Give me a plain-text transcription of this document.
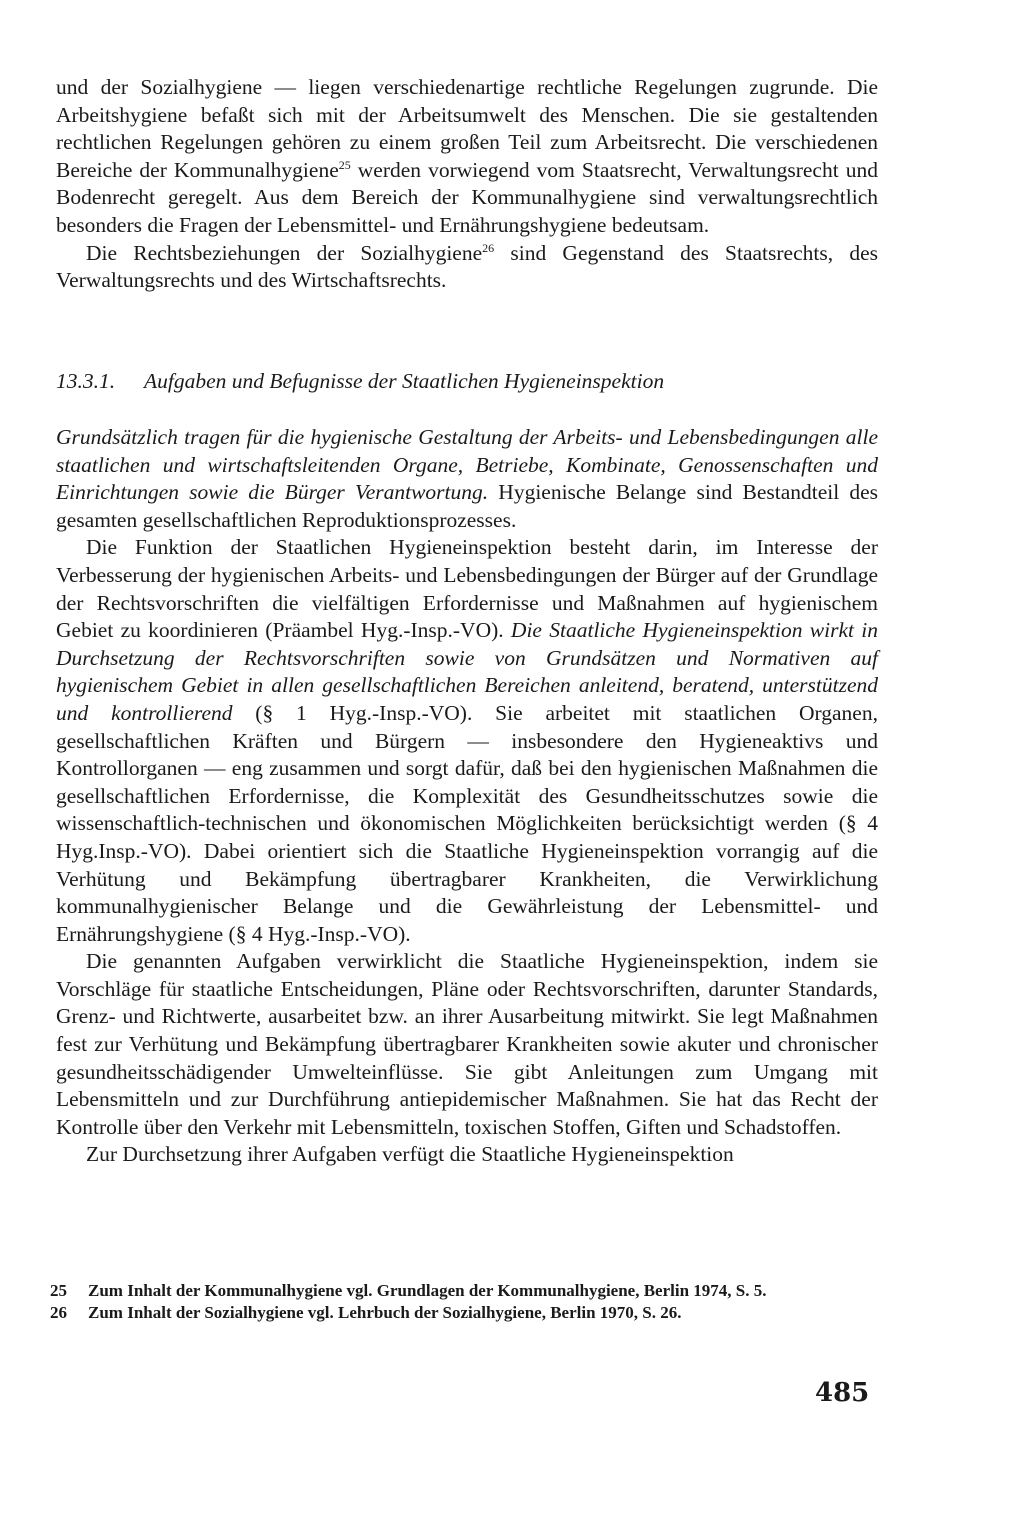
und der Sozialhygiene — liegen verschiedenartige rechtliche Regelungen zugrunde. Die Arbeitshygiene befaßt sich mit der Arbeitsumwelt des Menschen. Die sie gestaltenden rechtlichen Regelungen gehören zu einem großen Teil zum Arbeitsrecht. Die verschiedenen Bereiche der Kommunalhygiene$^{25}$ werden vorwiegend vom Staatsrecht, Verwaltungsrecht und Bodenrecht geregelt. Aus dem Bereich der Kommunalhygiene sind verwaltungsrechtlich besonders die Fragen der Lebensmittel- und Ernährungshygiene bedeutsam.

Die Rechtsbeziehungen der Sozialhygiene$^{26}$ sind Gegenstand des Staatsrechts, des Verwaltungsrechts und des Wirtschaftsrechts.

13.3.1. Aufgaben und Befugnisse der Staatlichen Hygieneinspektion

Grundsätzlich tragen für die hygienische Gestaltung der Arbeits- und Lebensbedingungen alle staatlichen und wirtschaftsleitenden Organe, Betriebe, Kombinate, Genossenschaften und Einrichtungen sowie die Bürger Verantwortung. Hygienische Belange sind Bestandteil des gesamten gesellschaftlichen Reproduktionsprozesses.

Die Funktion der Staatlichen Hygieneinspektion besteht darin, im Interesse der Verbesserung der hygienischen Arbeits- und Lebensbedingungen der Bürger auf der Grundlage der Rechtsvorschriften die vielfältigen Erfordernisse und Maßnahmen auf hygienischem Gebiet zu koordinieren (Präambel Hyg.-Insp.-VO). Die Staatliche Hygieneinspektion wirkt in Durchsetzung der Rechtsvorschriften sowie von Grundsätzen und Normativen auf hygienischem Gebiet in allen gesellschaftlichen Bereichen anleitend, beratend, unterstützend und kontrollierend (§ 1 Hyg.-Insp.-VO). Sie arbeitet mit staatlichen Organen, gesellschaftlichen Kräften und Bürgern — insbesondere den Hygieneaktivs und Kontrollorganen — eng zusammen und sorgt dafür, daß bei den hygienischen Maßnahmen die gesellschaftlichen Erfordernisse, die Komplexität des Gesundheitsschutzes sowie die wissenschaftlich-technischen und ökonomischen Möglichkeiten berücksichtigt werden (§ 4 Hyg.Insp.-VO). Dabei orientiert sich die Staatliche Hygieneinspektion vorrangig auf die Verhütung und Bekämpfung übertragbarer Krankheiten, die Verwirklichung kommunalhygienischer Belange und die Gewährleistung der Lebensmittel- und Ernährungshygiene (§ 4 Hyg.-Insp.-VO).

Die genannten Aufgaben verwirklicht die Staatliche Hygieneinspektion, indem sie Vorschläge für staatliche Entscheidungen, Pläne oder Rechtsvorschriften, darunter Standards, Grenz- und Richtwerte, ausarbeitet bzw. an ihrer Ausarbeitung mitwirkt. Sie legt Maßnahmen fest zur Verhütung und Bekämpfung übertragbarer Krankheiten sowie akuter und chronischer gesundheitsschädigender Umwelteinflüsse. Sie gibt Anleitungen zum Umgang mit Lebensmitteln und zur Durchführung antiepidemischer Maßnahmen. Sie hat das Recht der Kontrolle über den Verkehr mit Lebensmitteln, toxischen Stoffen, Giften und Schadstoffen.

Zur Durchsetzung ihrer Aufgaben verfügt die Staatliche Hygieneinspektion

25	Zum Inhalt der Kommunalhygiene vgl. Grundlagen der Kommunalhygiene, Berlin 1974, S. 5.
26	Zum Inhalt der Sozialhygiene vgl. Lehrbuch der Sozialhygiene, Berlin 1970, S. 26.
485
